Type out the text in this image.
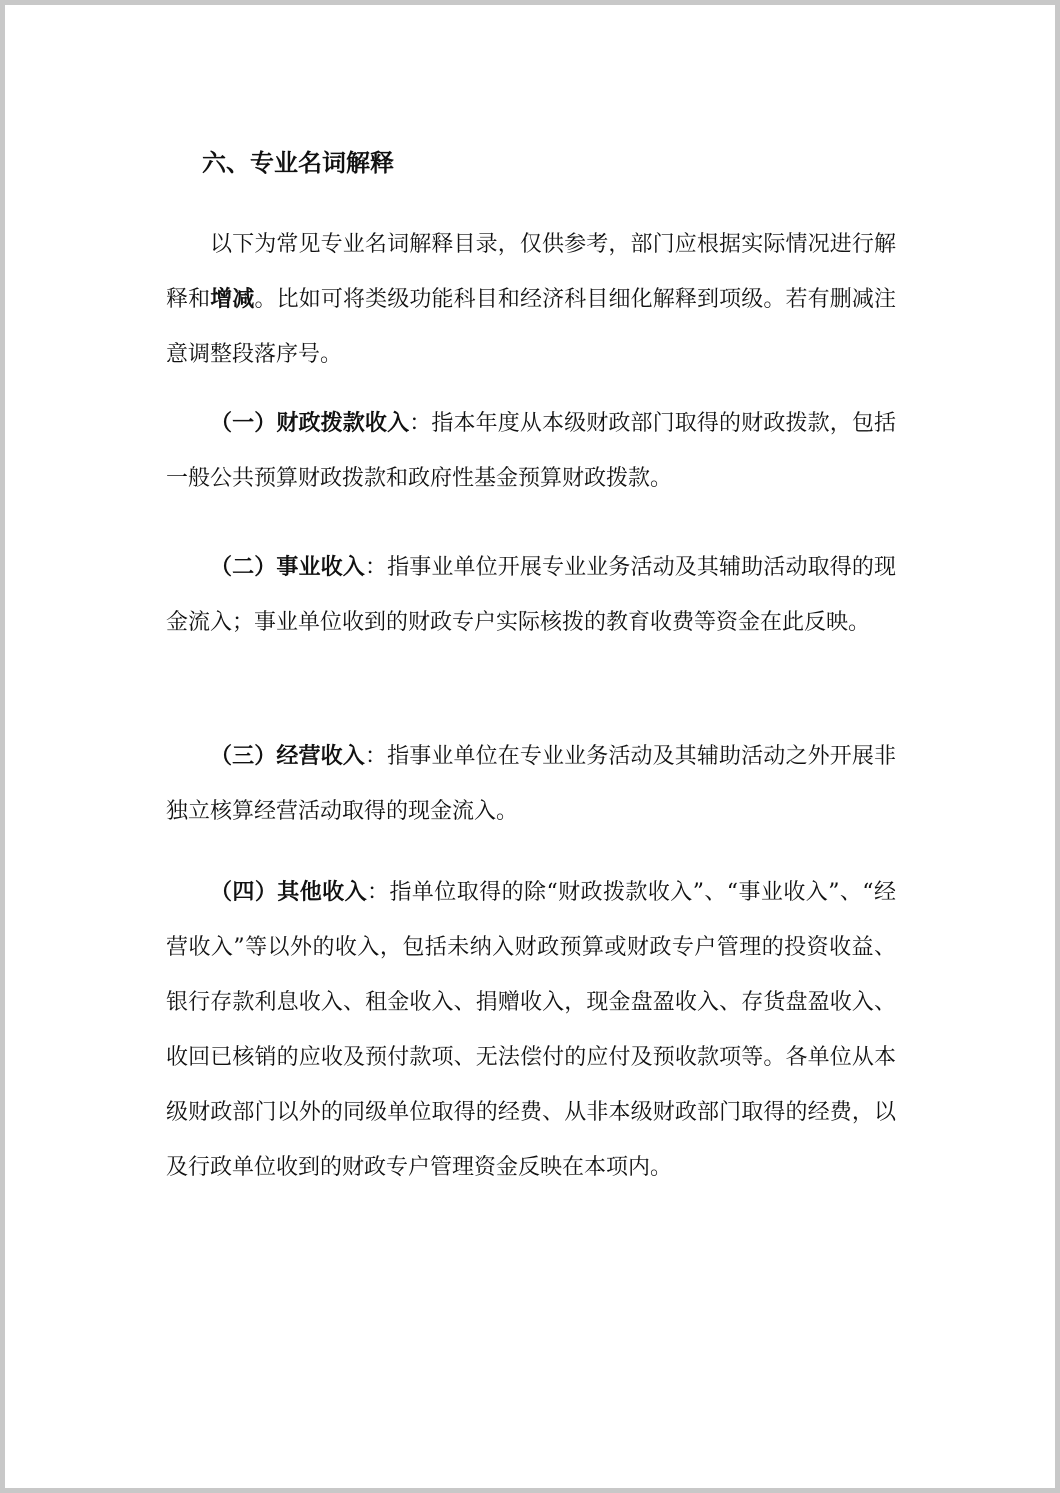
六、专业名词解释

以下为常见专业名词解释目录，仅供参考，部门应根据实际情况进行解释和增减。比如可将类级功能科目和经济科目细化解释到项级。若有删减注意调整段落序号。

（一）财政拨款收入：指本年度从本级财政部门取得的财政拨款，包括一般公共预算财政拨款和政府性基金预算财政拨款。

（二）事业收入：指事业单位开展专业业务活动及其辅助活动取得的现金流入；事业单位收到的财政专户实际核拨的教育收费等资金在此反映。

（三）经营收入：指事业单位在专业业务活动及其辅助活动之外开展非独立核算经营活动取得的现金流入。

（四）其他收入：指单位取得的除“财政拨款收入”、“事业收入”、“经营收入”等以外的收入，包括未纳入财政预算或财政专户管理的投资收益、银行存款利息收入、租金收入、捐赠收入，现金盘盈收入、存货盘盈收入、收回已核销的应收及预付款项、无法偿付的应付及预收款项等。各单位从本级财政部门以外的同级单位取得的经费、从非本级财政部门取得的经费，以及行政单位收到的财政专户管理资金反映在本项内。
